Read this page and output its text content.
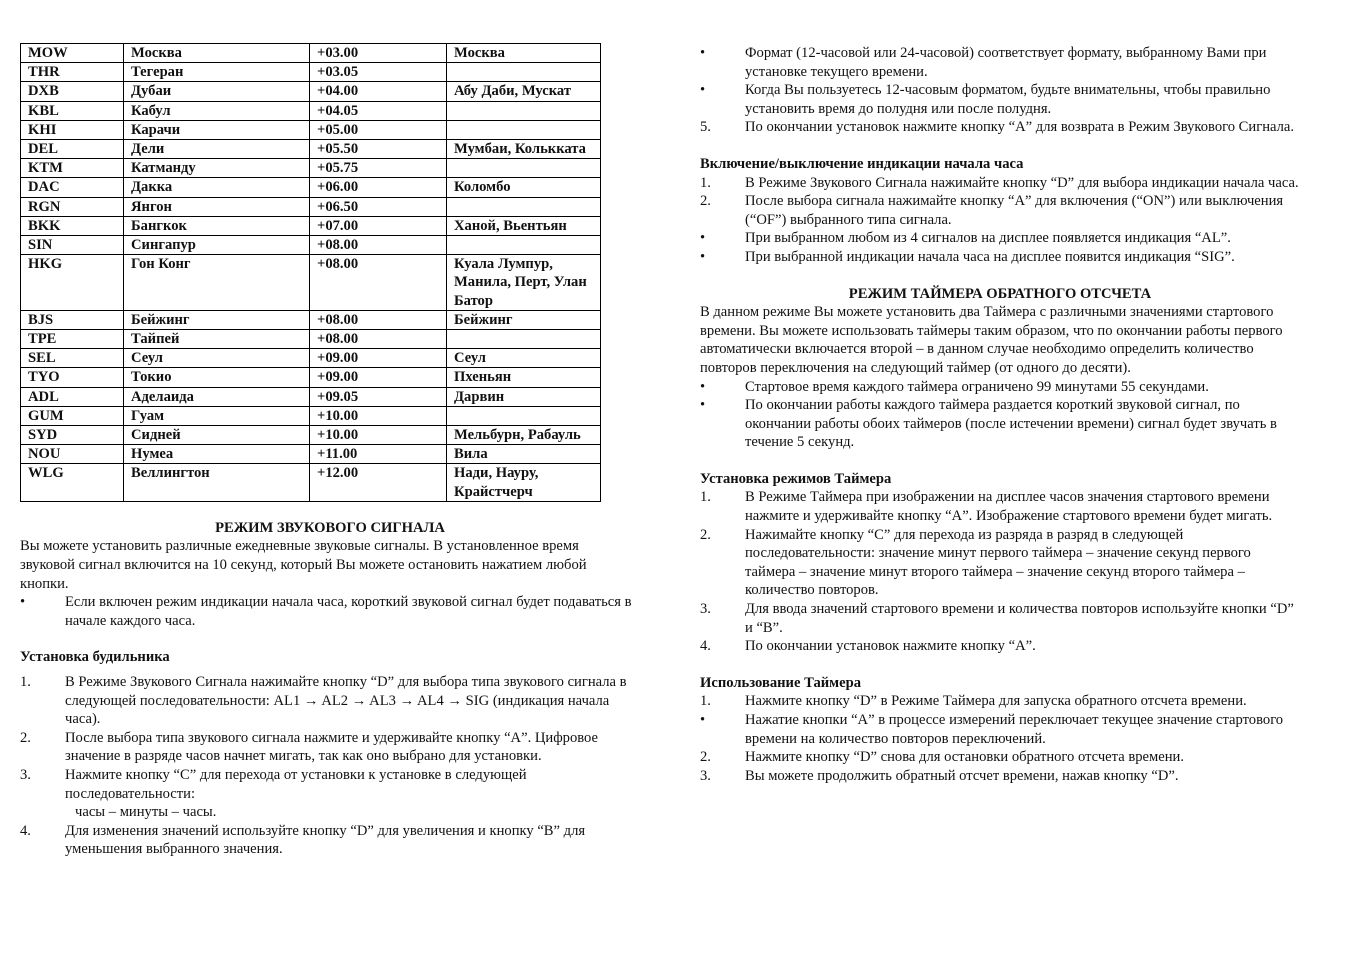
MOW	Москва	+03.00	Москва
THR	Тегеран	+03.05	
DXB	Дубаи	+04.00	Абу Даби, Мускат
KBL	Кабул	+04.05	
KHI	Карачи	+05.00	
DEL	Дели	+05.50	Мумбаи, Колькката
KTM	Катманду	+05.75	
DAC	Дакка	+06.00	Коломбо
RGN	Янгон	+06.50	
BKK	Бангкок	+07.00	Ханой, Вьентьян
SIN	Сингапур	+08.00	
HKG	Гон Конг	+08.00	Куала Лумпур, Манила, Перт, Улан Батор
BJS	Бейжинг	+08.00	Бейжинг
TPE	Тайпей	+08.00	
SEL	Сеул	+09.00	Сеул
TYO	Токио	+09.00	Пхеньян
ADL	Аделаида	+09.05	Дарвин
GUM	Гуам	+10.00	
SYD	Сидней	+10.00	Мельбурн, Рабауль
NOU	Нумеа	+11.00	Вила
WLG	Веллингтон	+12.00	Нади, Науру, Крайстчерч

РЕЖИМ ЗВУКОВОГО СИГНАЛА

Вы можете установить различные ежедневные звуковые сигналы. В установленное время звуковой сигнал включится на 10 секунд, который Вы можете остановить нажатием любой кнопки.

•	Если включен режим индикации начала часа, короткий звуковой сигнал будет подаваться в начале каждого часа.

Установка будильника

1.	В Режиме Звукового Сигнала нажимайте кнопку “D” для выбора типа звукового сигнала в следующей последовательности: AL1 → AL2 → AL3 → AL4 → SIG (индикация начала часа).
2.	После выбора типа звукового сигнала нажмите и удерживайте кнопку “A”. Цифровое значение в разряде часов начнет мигать, так как оно выбрано для установки.
3.	Нажмите кнопку “C” для перехода от установки к установке в следующей последовательности:
часы – минуты – часы.
4.	Для изменения значений используйте кнопку “D” для увеличения и кнопку “B” для уменьшения выбранного значения.
•	Формат (12-часовой или 24-часовой) соответствует формату, выбранному Вами при установке текущего времени.
•	Когда Вы пользуетесь 12-часовым форматом, будьте внимательны, чтобы правильно установить время до полудня или после полудня.
5.	По окончании установок нажмите кнопку “A” для возврата в Режим Звукового Сигнала.

Включение/выключение индикации начала часа

1.	В Режиме Звукового Сигнала нажимайте кнопку “D” для выбора индикации начала часа.
2.	После выбора сигнала нажимайте кнопку “A” для включения (“ON”) или выключения (“OF”) выбранного типа сигнала.
•	При выбранном любом из 4 сигналов на дисплее появляется индикация “AL”.
•	При выбранной индикации начала часа на дисплее появится индикация “SIG”.

РЕЖИМ ТАЙМЕРА ОБРАТНОГО ОТСЧЕТА

В данном режиме Вы можете установить два Таймера с различными значениями стартового времени. Вы можете использовать таймеры таким образом, что по окончании работы первого автоматически включается второй – в данном случае необходимо определить количество повторов переключения на следующий таймер (от одного до десяти).

•	Стартовое время каждого таймера ограничено 99 минутами 55 секундами.
•	По окончании работы каждого таймера раздается короткий звуковой сигнал, по окончании работы обоих таймеров (после истечении времени) сигнал будет звучать в течение 5 секунд.

Установка режимов Таймера

1.	В Режиме Таймера при изображении на дисплее часов значения стартового времени нажмите и удерживайте кнопку “A”. Изображение стартового времени будет мигать.
2.	Нажимайте кнопку “C” для перехода из разряда в разряд в следующей последовательности: значение минут первого таймера – значение секунд первого таймера – значение минут второго таймера – значение секунд второго таймера – количество повторов.
3.	Для ввода значений стартового времени и количества повторов используйте кнопки “D” и “B”.
4.	По окончании установок нажмите кнопку “A”.

Использование Таймера

1.	Нажмите кнопку “D” в Режиме Таймера для запуска обратного отсчета времени.
•	Нажатие кнопки “A” в процессе измерений переключает текущее значение стартового времени на количество повторов переключений.
2.	Нажмите кнопку “D” снова для остановки обратного отсчета времени.
3.	Вы можете продолжить обратный отсчет времени, нажав кнопку “D”.
